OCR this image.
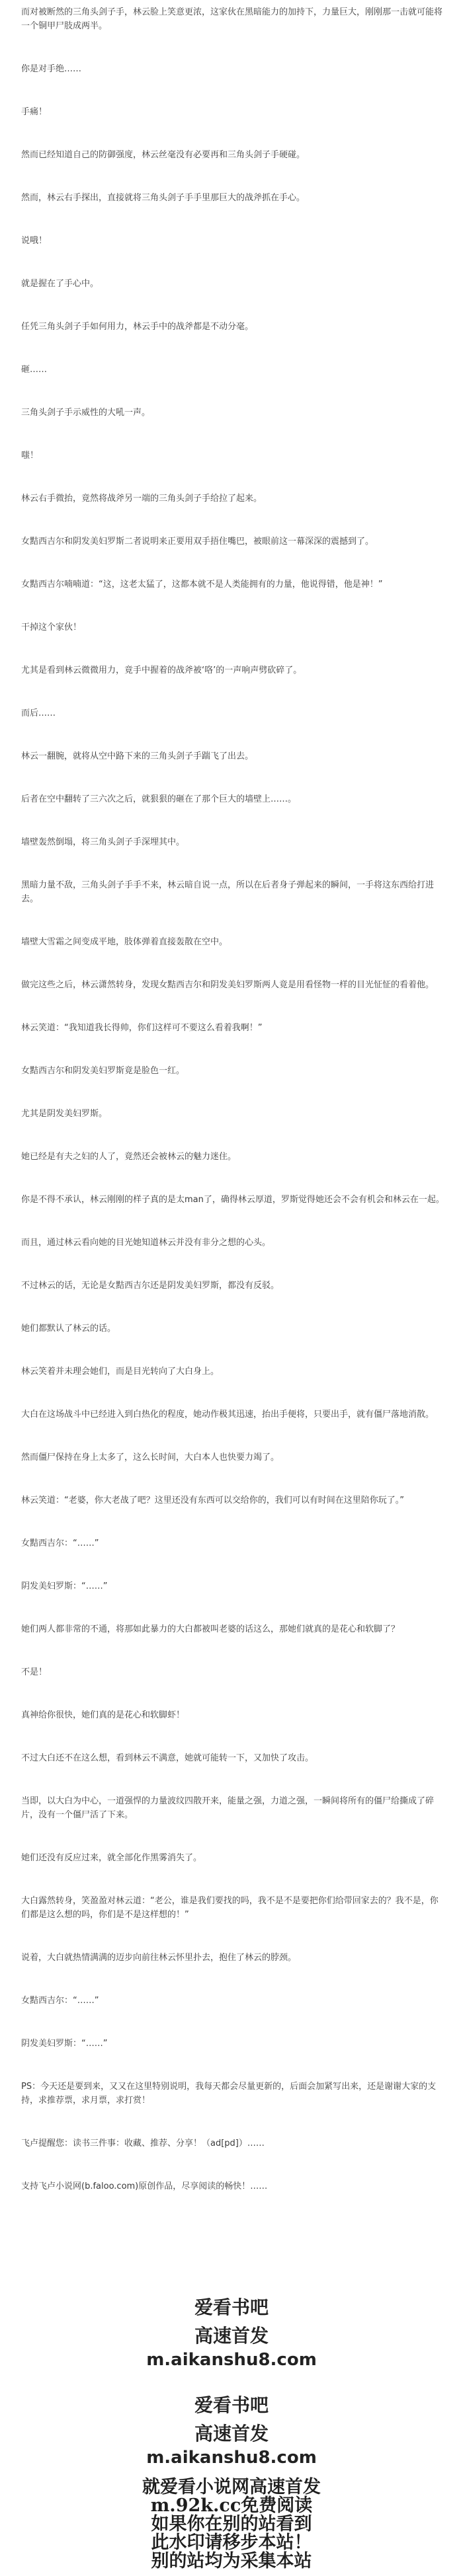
而对被断然的三角头剑子手，林云脸上笑意更浓，这家伙在黑暗能力的加持下，力量巨大，刚刚那一击就可能将一个铜甲尸肢成两半。
你是对手绝……
手痛！
然而已经知道自己的防御强度，林云丝毫没有必要再和三角头剑子手硬碰。
然而，林云右手探出，直接就将三角头剑子手手里那巨大的战斧抓在手心。
说哦！
就是握在了手心中。
任凭三角头剑子手如何用力，林云手中的战斧都是不动分毫。
砸……
三角头剑子手示威性的大吼一声。
嗤！
林云右手微抬，竟然将战斧另一端的三角头剑子手给拉了起来。
女黠西吉尔和阴发美妇罗斯二者说明来正要用双手捂住嘴巴，被眼前这一幕深深的震撼到了。
女黠西吉尔喃喃道：“这，这老太猛了，这都本就不是人类能拥有的力量，他说得错，他是神！”
干掉这个家伙！
尤其是看到林云微微用力，竟手中握着的战斧被‘咯’的一声响声劈砍碎了。
而后……
林云一翻腕，就将从空中路下来的三角头剑子手踹飞了出去。
后者在空中翻转了三六次之后，就狠狠的砸在了那个巨大的墙壁上……。
墙壁轰然倒塌，将三角头剑子手深埋其中。
黑暗力量不敌，三角头剑子手手不来，林云暗自说一点，所以在后者身子弹起来的瞬间，一手将这东西给打进去。
墙壁大雪霜之间变成平地，肢体弹着直接轰散在空中。
做完这些之后，林云潇然转身，发现女黠西吉尔和阴发美妇罗斯两人竟是用看怪物一样的目光怔怔的看着他。
林云笑道：“我知道我长得帅，你们这样可不要这么看着我啊！”
女黠西吉尔和阴发美妇罗斯竟是脸色一红。
尤其是阴发美妇罗斯。
她已经是有夫之妇的人了，竟然还会被林云的魅力迷住。
你是不得不承认，林云刚刚的样子真的是太man了，确得林云厚道，罗斯觉得她还会不会有机会和林云在一起。
而且，通过林云看向她的目光她知道林云并没有非分之想的心头。
不过林云的话，无论是女黠西吉尔还是阴发美妇罗斯，都没有反驳。
她们都默认了林云的话。
林云笑着并未理会她们，而是目光转向了大白身上。
大白在这场战斗中已经进入到白热化的程度，她动作极其迅速，抬出手便将，只要出手，就有僵尸落地消散。
然而僵尸保持在身上太多了，这么长时间，大白本人也快要力竭了。
林云笑道：“老婆，你大老战了吧？这里还没有东西可以交给你的，我们可以有时间在这里陪你玩了。”
女黠西吉尔：“……”
阴发美妇罗斯：“……”
她们两人都非常的不通，将那如此暴力的大白都被叫老婆的话这么，那她们就真的是花心和软脚了？
不是！
真神给你很快，她们真的是花心和软脚虾！
不过大白还不在这么想，看到林云不满意，她就可能转一下，又加快了攻击。
当即，以大白为中心，一道强悍的力量波纹四散开来，能量之强，力道之强，一瞬间将所有的僵尸给撕成了碎片，没有一个僵尸活了下来。
她们还没有反应过来，就全部化作黑雾消失了。
大白露然转身，笑盈盈对林云道：“老公，谁是我们要找的吗，我不是不是要把你们给带回家去的？我不是，你们都是这么想的吗，你们是不是这样想的！”
说着，大白就热情满满的迈步向前往林云怀里扑去，抱住了林云的脖颈。
女黠西吉尔：“……”
阴发美妇罗斯：“……”
PS：今天还是要到来，又又在这里特别说明，我每天都会尽量更新的，后面会加紧写出来，还是谢谢大家的支持，求推荐票，求月票，求打赏！
飞卢提醒您：读书三件事：收藏、推荐、分享！（ad[pd]）……
支持飞卢小说网(b.faloo.com)原创作品，尽享阅读的畅快！……
爱看书吧
高速首发
m.aikanshu8.com
爱看书吧
高速首发
m.aikanshu8.com
就爱看小说网高速首发
m.92k.cc免费阅读
如果你在别的站看到
此水印请移步本站！
别的站均为采集本站
